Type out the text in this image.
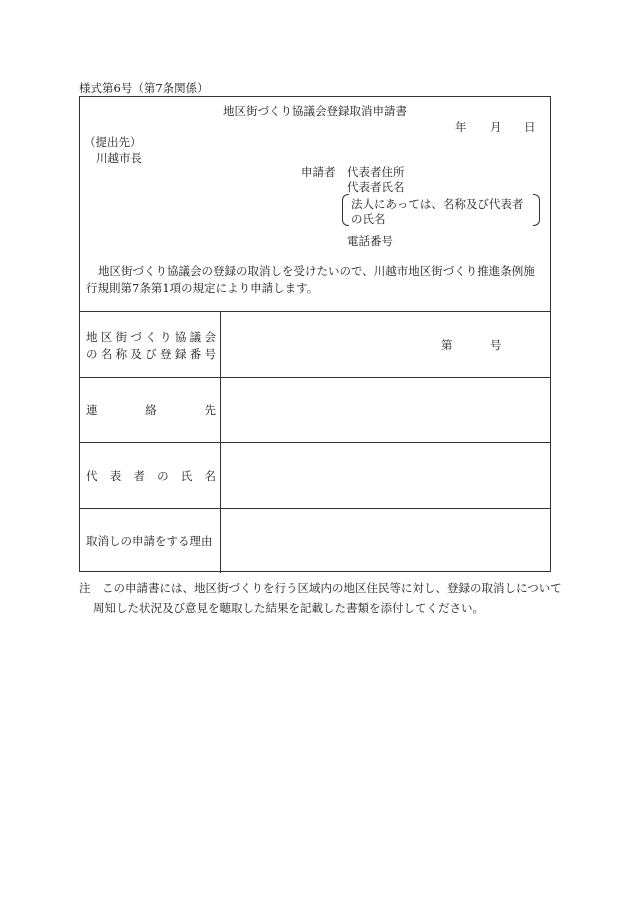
様式第6号（第7条関係）
地区街づくり協議会登録取消申請書
年 月 日
（提出先）
川越市長
申請者 代表者住所
代表者氏名
法人にあっては、名称及び代表者
の氏名
電話番号
地区街づくり協議会の登録の取消しを受けたいので、川越市地区街づくり推進条例施行規則第7条第1項の規定により申請します。
地区街づくり協議会
の名称及び登録番号
第	号
連絡先
代表者の氏名
取消しの申請をする理由
注　この申請書には、地区街づくりを行う区域内の地区住民等に対し、登録の取消しについて周知した状況及び意見を聴取した結果を記載した書類を添付してください。
